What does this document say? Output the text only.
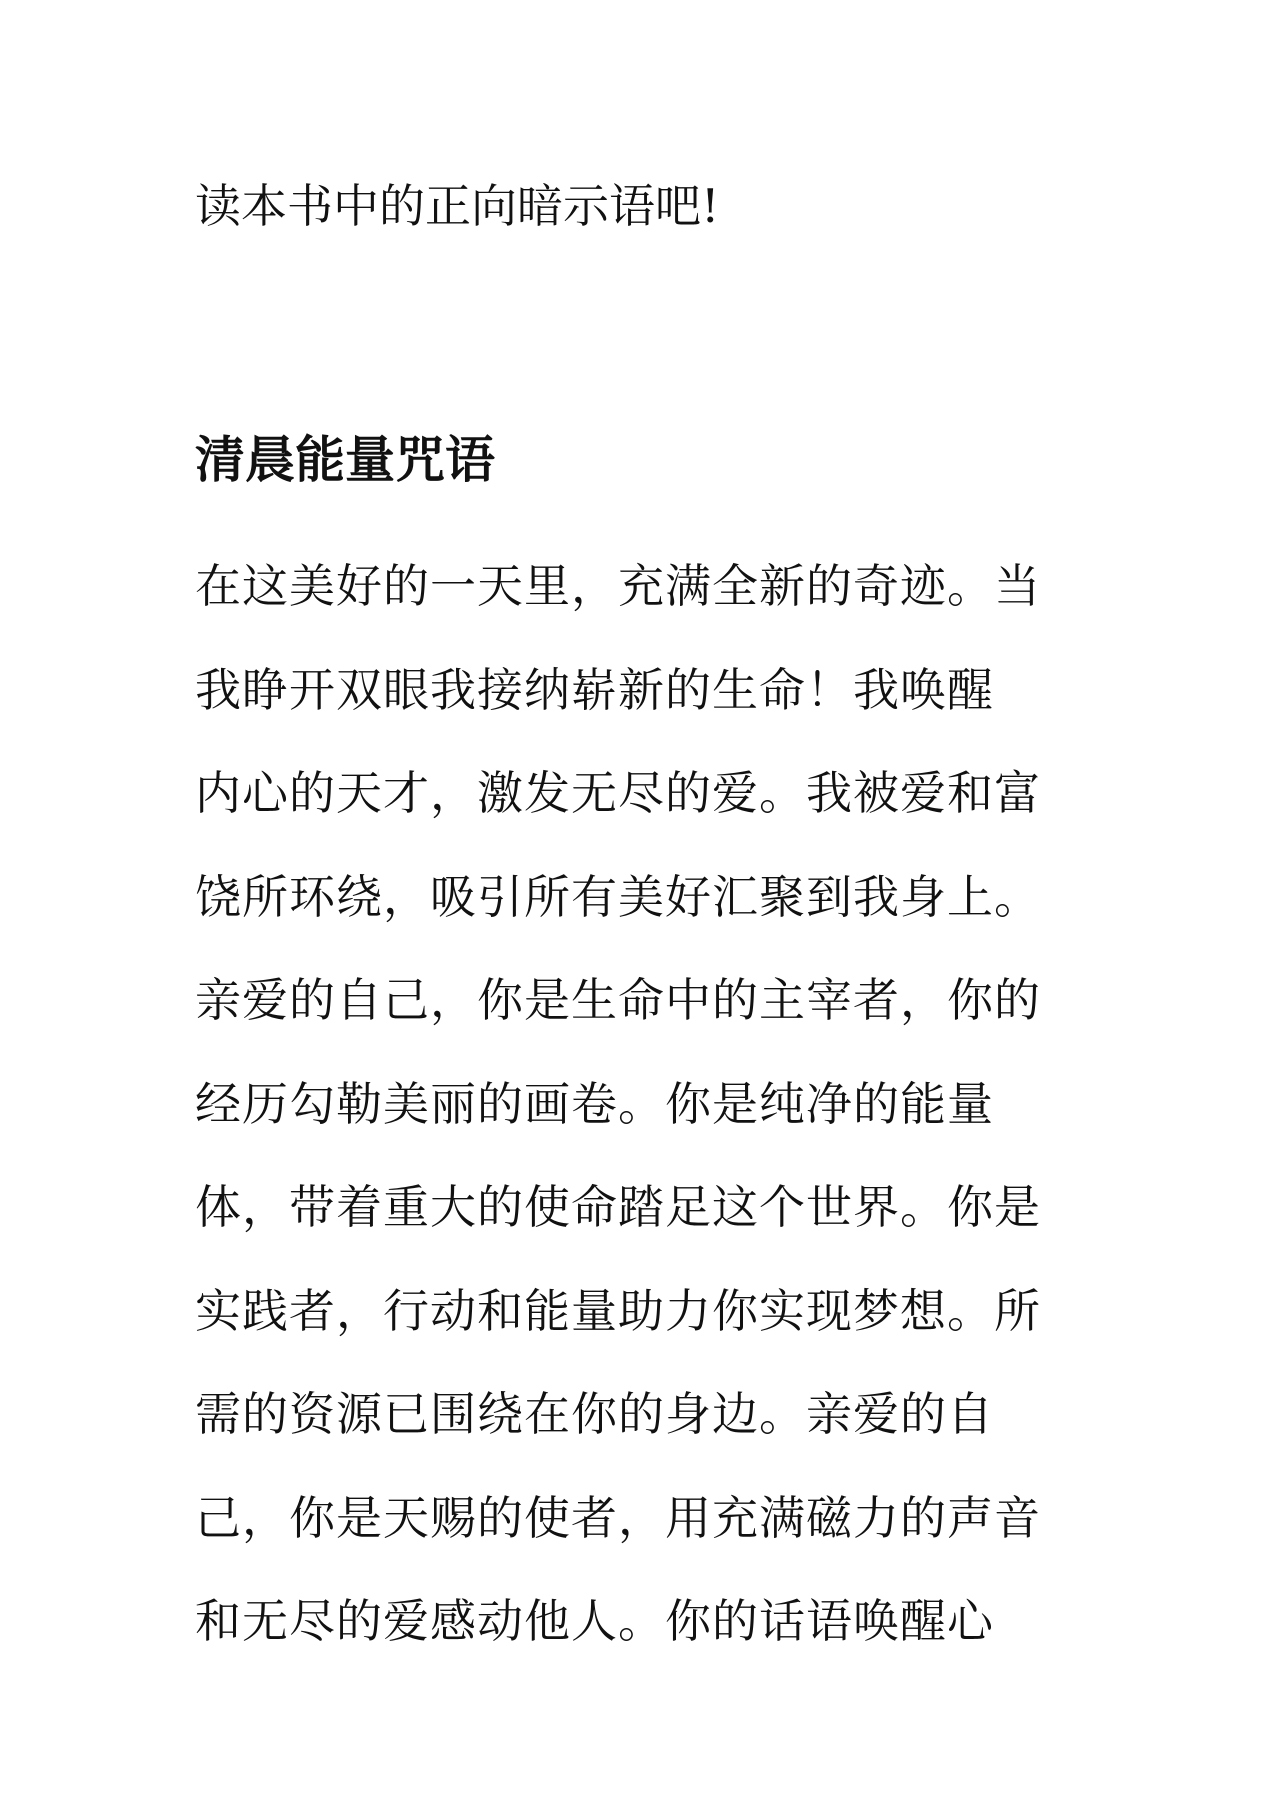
读本书中的正向暗示语吧!
清晨能量咒语
在这美好的一天里，充满全新的奇迹。当
我睁开双眼我接纳崭新的生命！我唤醒
内心的天才，激发无尽的爱。我被爱和富
饶所环绕，吸引所有美好汇聚到我身上。
亲爱的自己，你是生命中的主宰者，你的
经历勾勒美丽的画卷。你是纯净的能量
体，带着重大的使命踏足这个世界。你是
实践者，行动和能量助力你实现梦想。所
需的资源已围绕在你的身边。亲爱的自
己，你是天赐的使者，用充满磁力的声音
和无尽的爱感动他人。你的话语唤醒心
